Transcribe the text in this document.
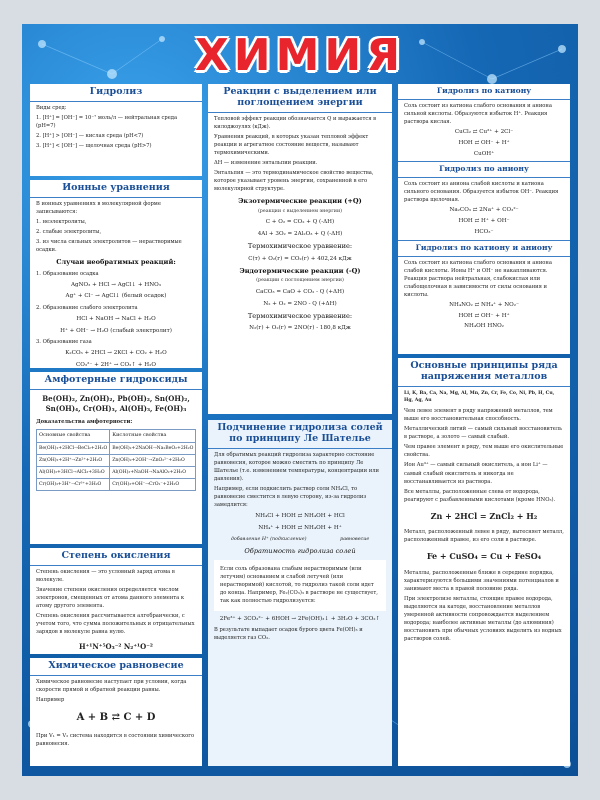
ХИМИЯ
Гидролиз
Виды сред:
1. [H⁺] = [OH⁻] = 10⁻⁷ моль/л — нейтральная среда (pH=7)
2. [H⁺] > [OH⁻] — кислая среда (pH<7)
3. [H⁺] < [OH⁻] — щелочная среда (pH>7)
Ионные уравнения
В ионных уравнениях в молекулярной форме записываются:
1. неэлектролиты,
2. слабые электролиты,
3. из числа сильных электролитов — нерастворимые осадки.
Случаи необратимых реакций:
1. Образование осадка
AgNO₃ + HCl → AgCl↓ + HNO₃
Ag⁺ + Cl⁻ → AgCl↓ (белый осадок)
2. Образование слабого электролита
HCl + NaOH → NaCl + H₂O
H⁺ + OH⁻ → H₂O (слабый электролит)
3. Образование газа
K₂CO₃ + 2HCl → 2KCl + CO₂ + H₂O
CO₃²⁻ + 2H⁺ → CO₂↑ + H₂O
Амфотерные гидроксиды
Be(OH)₂, Zn(OH)₂, Pb(OH)₂, Sn(OH)₂, Sn(OH)₄, Cr(OH)₃, Al(OH)₃, Fe(OH)₃
Доказательства амфотерности:
Основные свойства	Кислотные свойства
Be(OH)₂+2HCl→BeCl₂+2H₂O	Be(OH)₂+2NaOH→Na₂BeO₂+2H₂O
Zn(OH)₂+2H⁺→Zn²⁺+2H₂O	Zn(OH)₂+2OH⁻→ZnO₂²⁻+2H₂O
Al(OH)₃+3HCl→AlCl₃+3H₂O	Al(OH)₃+NaOH→NaAlO₂+2H₂O
Cr(OH)₃+3H⁺→Cr³⁺+3H₂O	Cr(OH)₃+OH⁻→CrO₂⁻+2H₂O
Степень окисления
Степень окисления — это условный заряд атома в молекуле.
Значение степени окисления определяется числом электронов, смещенных от атома данного элемента к атому другого элемента.
Степень окисления рассчитывается алгебраически, с учетом того, что сумма положительных и отрицательных зарядов в молекуле равна нулю.
H⁺¹N⁺⁵O₃⁻² N₂⁺¹O⁻²
Химическое равновесие
Химическое равновесие наступает при условии, когда скорости прямой и обратной реакции равны.
Например
A + B ⇄ C + D
При V₁ = V₂ система находится в состоянии химического равновесия.
Реакции с выделением или поглощением энергии
Тепловой эффект реакции обозначается Q и выражается в килоджоулях (кДж).
Уравнения реакций, в которых указан тепловой эффект реакции и агрегатное состояние веществ, называют термохимическими.
ΔH — изменение энтальпии реакции.
Энтальпия — это термодинамическое свойство вещества, которое указывает уровень энергии, сохраненной в его молекулярной структуре.
Экзотермические реакции (+Q)
(реакции с выделением энергии)
C + O₂ = CO₂ + Q (-ΔH)
4Al + 3O₂ = 2Al₂O₃ + Q (-ΔH)
Термохимическое уравнение:
C(т) + O₂(г) = CO₂(г) + 402,24 кДж
Эндотермические реакции (-Q)
(реакции с поглощением энергии)
CaCO₃ = CaO + CO₂ - Q (+ΔH)
N₂ + O₂ = 2NO - Q (+ΔH)
Термохимическое уравнение:
N₂(г) + O₂(г) = 2NO(г) - 180,8 кДж
Подчинение гидролиза солей по принципу Ле Шателье
Для обратимых реакций гидролиза характерно состояние равновесия, которое можно сместить по принципу Ле Шателье (т.е. изменением температуры, концентрации или давления).
Например, если подкислить раствор соли NH₄Cl, то равновесие сместится в левую сторону, из-за гидролиз замедлится:
NH₄Cl + HOH ⇄ NH₄OH + HCl
NH₄⁺ + HOH ⇄ NH₄OH + H⁺
добавление H⁺ (подкисление)	равновесие
Обратимость гидролиза солей
Если соль образована слабым нерастворимым (или летучим) основанием и слабой летучей (или нерастворимой) кислотой, то гидролиз такой соли идет до конца. Например, Fe₂(CO₃)₃ в растворе не существует, так как полностью гидролизуется:
2Fe³⁺ + 3CO₃²⁻ + 6HOH → 2Fe(OH)₃↓ + 3H₂O + 3CO₂↑
В результате выпадает осадок бурого цвета Fe(OH)₃ и выделяется газ CO₂.
Гидролиз по катиону
Соль состоит из катиона слабого основания и аниона сильной кислоты. Образуются избыток H⁺. Реакция раствора кислая.
CuCl₂ ⇄ Cu²⁺ + 2Cl⁻
HOH ⇄ OH⁻ + H⁺
CuOH⁺
Гидролиз по аниону
Соль состоит из аниона слабой кислоты и катиона сильного основания. Образуется избыток OH⁻. Реакция раствора щелочная.
Na₂CO₃ ⇄ 2Na⁺ + CO₃²⁻
HOH ⇄ H⁺ + OH⁻
HCO₃⁻
Гидролиз по катиону и аниону
Соль состоит из катиона слабого основания и аниона слабой кислоты. Ионы H⁺ и OH⁻ не накапливаются. Реакция раствора нейтральная, слабокислая или слабощелочная в зависимости от силы основания и кислоты.
NH₄NO₂ ⇄ NH₄⁺ + NO₂⁻
HOH ⇄ OH⁻ + H⁺
NH₄OH HNO₂
Основные принципы ряда напряжения металлов
Li, K, Ba, Ca, Na, Mg, Al, Mn, Zn, Cr, Fe, Co, Ni, Pb, H, Cu, Hg, Ag, Au
Чем левее элемент в ряду напряжений металлов, тем выше его восстановительная способность.
Металлический литий — самый сильный восстановитель в растворе, а золото — самый слабый.
Чем правее элемент в ряду, тем выше его окислительные свойства.
Ион Au³⁺ — самый сильный окислитель, а ион Li⁺ — самый слабый окислитель и никогда не восстанавливается из раствора.
Все металлы, расположенные слева от водорода, реагируют с разбавленными кислотами (кроме HNO₃).
Zn + 2HCl = ZnCl₂ + H₂
Металл, расположенный левее в ряду, вытесняет металл, расположенный правее, из его соли в растворе.
Fe + CuSO₄ = Cu + FeSO₄
Металлы, расположенные ближе в середине порядка, характеризуются большими значениями потенциалов и занимают места в правой половине ряда.
При электролизе металлы, стоящие правее водорода, выделяются на катоде, восстановление металлов умеренной активности сопровождается выделением водорода; наиболее активные металлы (до алюминия) восстановить при обычных условиях выделить из водных растворов солей.
